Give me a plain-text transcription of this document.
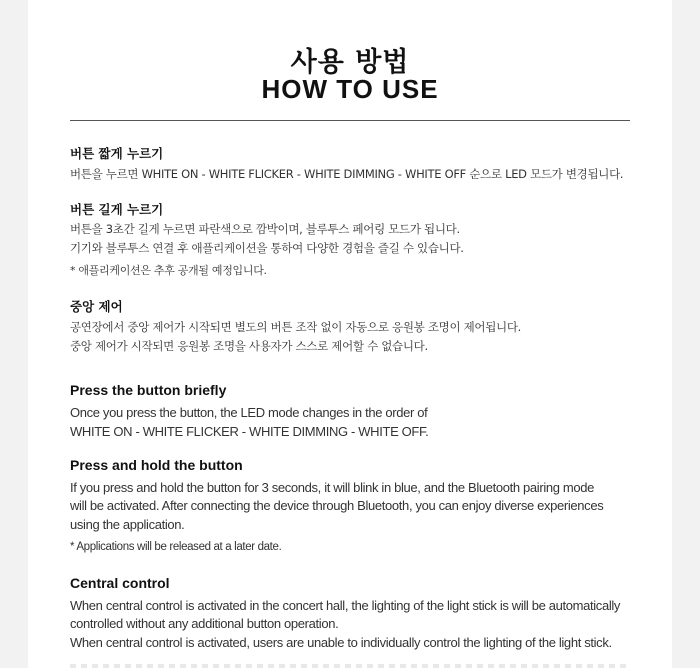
사용 방법
HOW TO USE
버튼 짧게 누르기
버튼을 누르면 WHITE ON - WHITE FLICKER - WHITE DIMMING - WHITE OFF 순으로 LED 모드가 변경됩니다.
버튼 길게 누르기
버튼을 3초간 길게 누르면 파란색으로 깜박이며, 블루투스 페어링 모드가 됩니다.
기기와 블루투스 연결 후 애플리케이션을 통하여 다양한 경험을 즐길 수 있습니다.
* 애플리케이션은 추후 공개될 예정입니다.
중앙 제어
공연장에서 중앙 제어가 시작되면 별도의 버튼 조작 없이 자동으로 응원봉 조명이 제어됩니다.
중앙 제어가 시작되면 응원봉 조명을 사용자가 스스로 제어할 수 없습니다.
Press the button briefly
Once you press the button, the LED mode changes in the order of
WHITE ON - WHITE FLICKER - WHITE DIMMING - WHITE OFF.
Press and hold the button
If you press and hold the button for 3 seconds, it will blink in blue, and the Bluetooth pairing mode
will be activated. After connecting the device through Bluetooth, you can enjoy diverse experiences
using the application.
* Applications will be released at a later date.
Central control
When central control is activated in the concert hall, the lighting of the light stick is will be automatically
controlled without any additional button operation.
When central control is activated, users are unable to individually control the lighting of the light stick.
